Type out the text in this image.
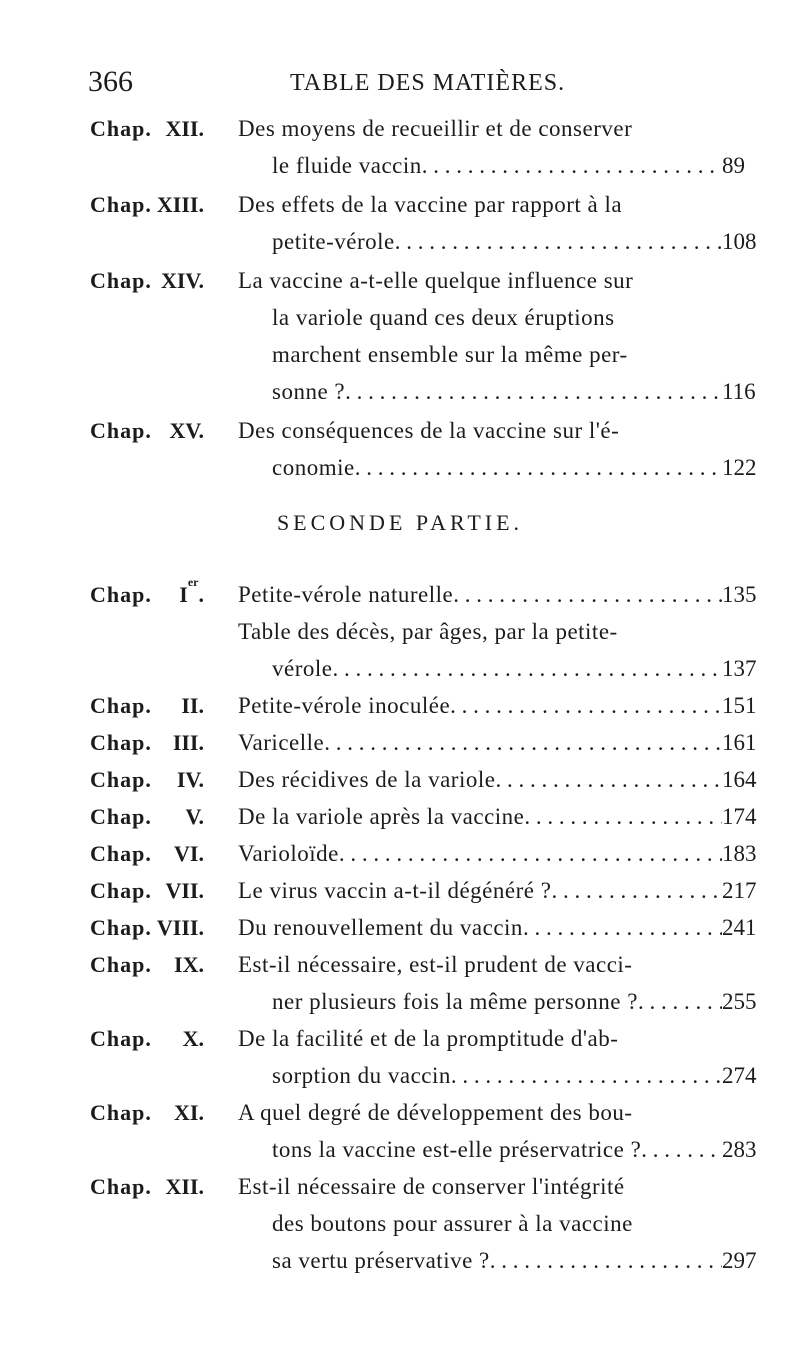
366	TABLE DES MATIÈRES.
Chap. XII. Des moyens de recueillir et de conserver
le fluide vaccin . . .	89
Chap. XIII. Des effets de la vaccine par rapport à la
petite-vérole . . .	108
Chap. XIV. La vaccine a-t-elle quelque influence sur
la variole quand ces deux éruptions
marchent ensemble sur la même per-
sonne ? . . .	116
Chap. XV. Des conséquences de la vaccine sur l'é-
conomie . . .	122
Chap. Ier. Petite-vérole naturelle . . .	135
Table des décès, par âges, par la petite-
vérole . . .	137
Chap. II. Petite-vérole inoculée . . .	151
Chap. III. Varicelle . . .	161
Chap. IV. Des récidives de la variole . . .	164
Chap. V. De la variole après la vaccine . . .	174
Chap. VI. Varioloïde . . .	183
Chap. VII. Le virus vaccin a-t-il dégénéré ? . . .	217
Chap. VIII. Du renouvellement du vaccin . . .	241
Chap. IX. Est-il nécessaire, est-il prudent de vacci-
ner plusieurs fois la même personne ? . . .	255
Chap. X. De la facilité et de la promptitude d'ab-
sorption du vaccin . . .	274
Chap. XI. A quel degré de développement des bou-
tons la vaccine est-elle préservatrice ? . . .	283
Chap. XII. Est-il nécessaire de conserver l'intégrité
des boutons pour assurer à la vaccine
sa vertu préservative ? . . .	297
SECONDE PARTIE.
